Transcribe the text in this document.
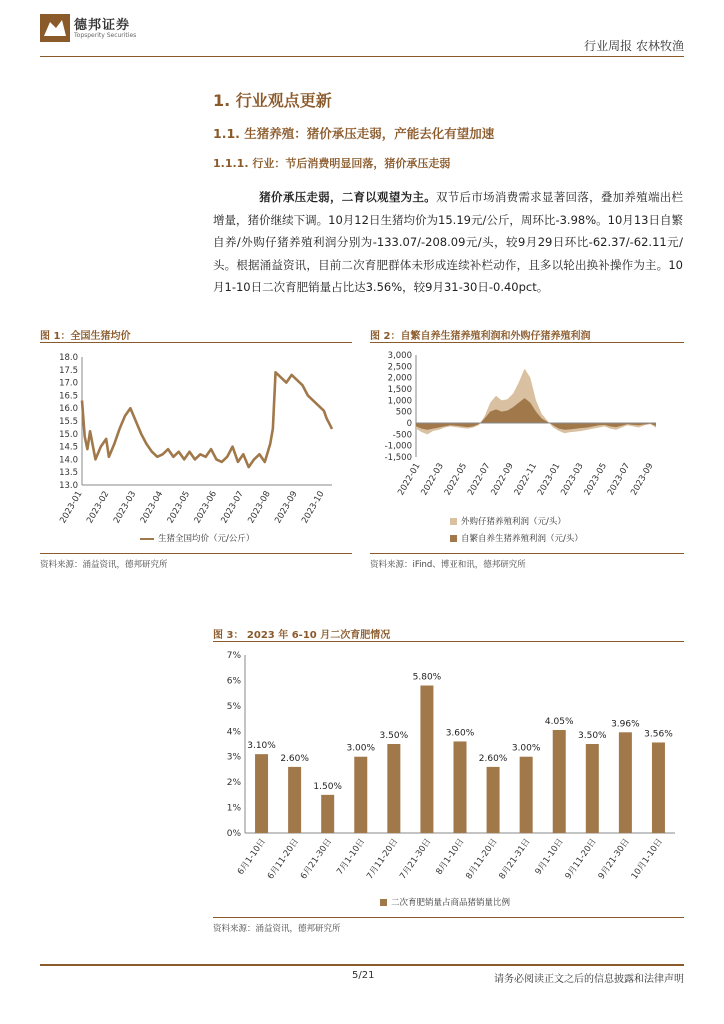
德邦证券
Topsperity Securities
行业周报 农林牧渔
1. 行业观点更新
1.1. 生猪养殖：猪价承压走弱，产能去化有望加速
1.1.1. 行业：节后消费明显回落，猪价承压走弱
猪价承压走弱，二育以观望为主。双节后市场消费需求显著回落，叠加养殖端出栏增量，猪价继续下调。10月12日生猪均价为15.19元/公斤，周环比-3.98%。10月13日自繁自养/外购仔猪养殖利润分别为-133.07/-208.09元/头，较9月29日环比-62.37/-62.11元/头。根据涌益资讯，目前二次育肥群体未形成连续补栏动作，且多以轮出换补操作为主。10月1-10日二次育肥销量占比达3.56%，较9月31-30日-0.40pct。
图 1：全国生猪均价
18.0
17.5
17.0
16.5
16.0
15.5
15.0
14.5
14.0
13.5
13.0
2023-01 2023-02 2023-03 2023-04 2023-05 2023-06 2023-07 2023-08 2023-09 2023-10
生猪全国均价（元/公斤）
资料来源：涌益资讯，德邦研究所
图 2：自繁自养生猪养殖利润和外购仔猪养殖利润
3,000
2,500
2,000
1,500
1,000
500
0
-500
-1,000
-1,500
2022-01
2022-03
2022-05
2022-07
2022-09
2022-11
2023-01
2023-03
2023-05
2023-07
2023-09
外购仔猪养殖利润（元/头）
自繁自养生猪养殖利润（元/头）
资料来源：iFind、博亚和讯，德邦研究所
图 3： 2023 年 6-10 月二次育肥情况
7%
6%
5%
4%
3%
2%
1%
0%
3.10%
6月1-10日
2.60%
6月11-20日
1.50%
6月21-30日
3.00%
7月1-10日
3.50%
7月11-20日
5.80%
7月21-30日
3.60%
8月1-10日
2.60%
8月11-20日
3.00%
8月21-31日
4.05%
9月1-10日
3.50%
9月11-20日
3.96%
9月21-30日
3.56%
10月1-10日
二次育肥销量占商品猪销量比例
资料来源：涌益资讯，德邦研究所
5/21	请务必阅读正文之后的信息披露和法律声明
